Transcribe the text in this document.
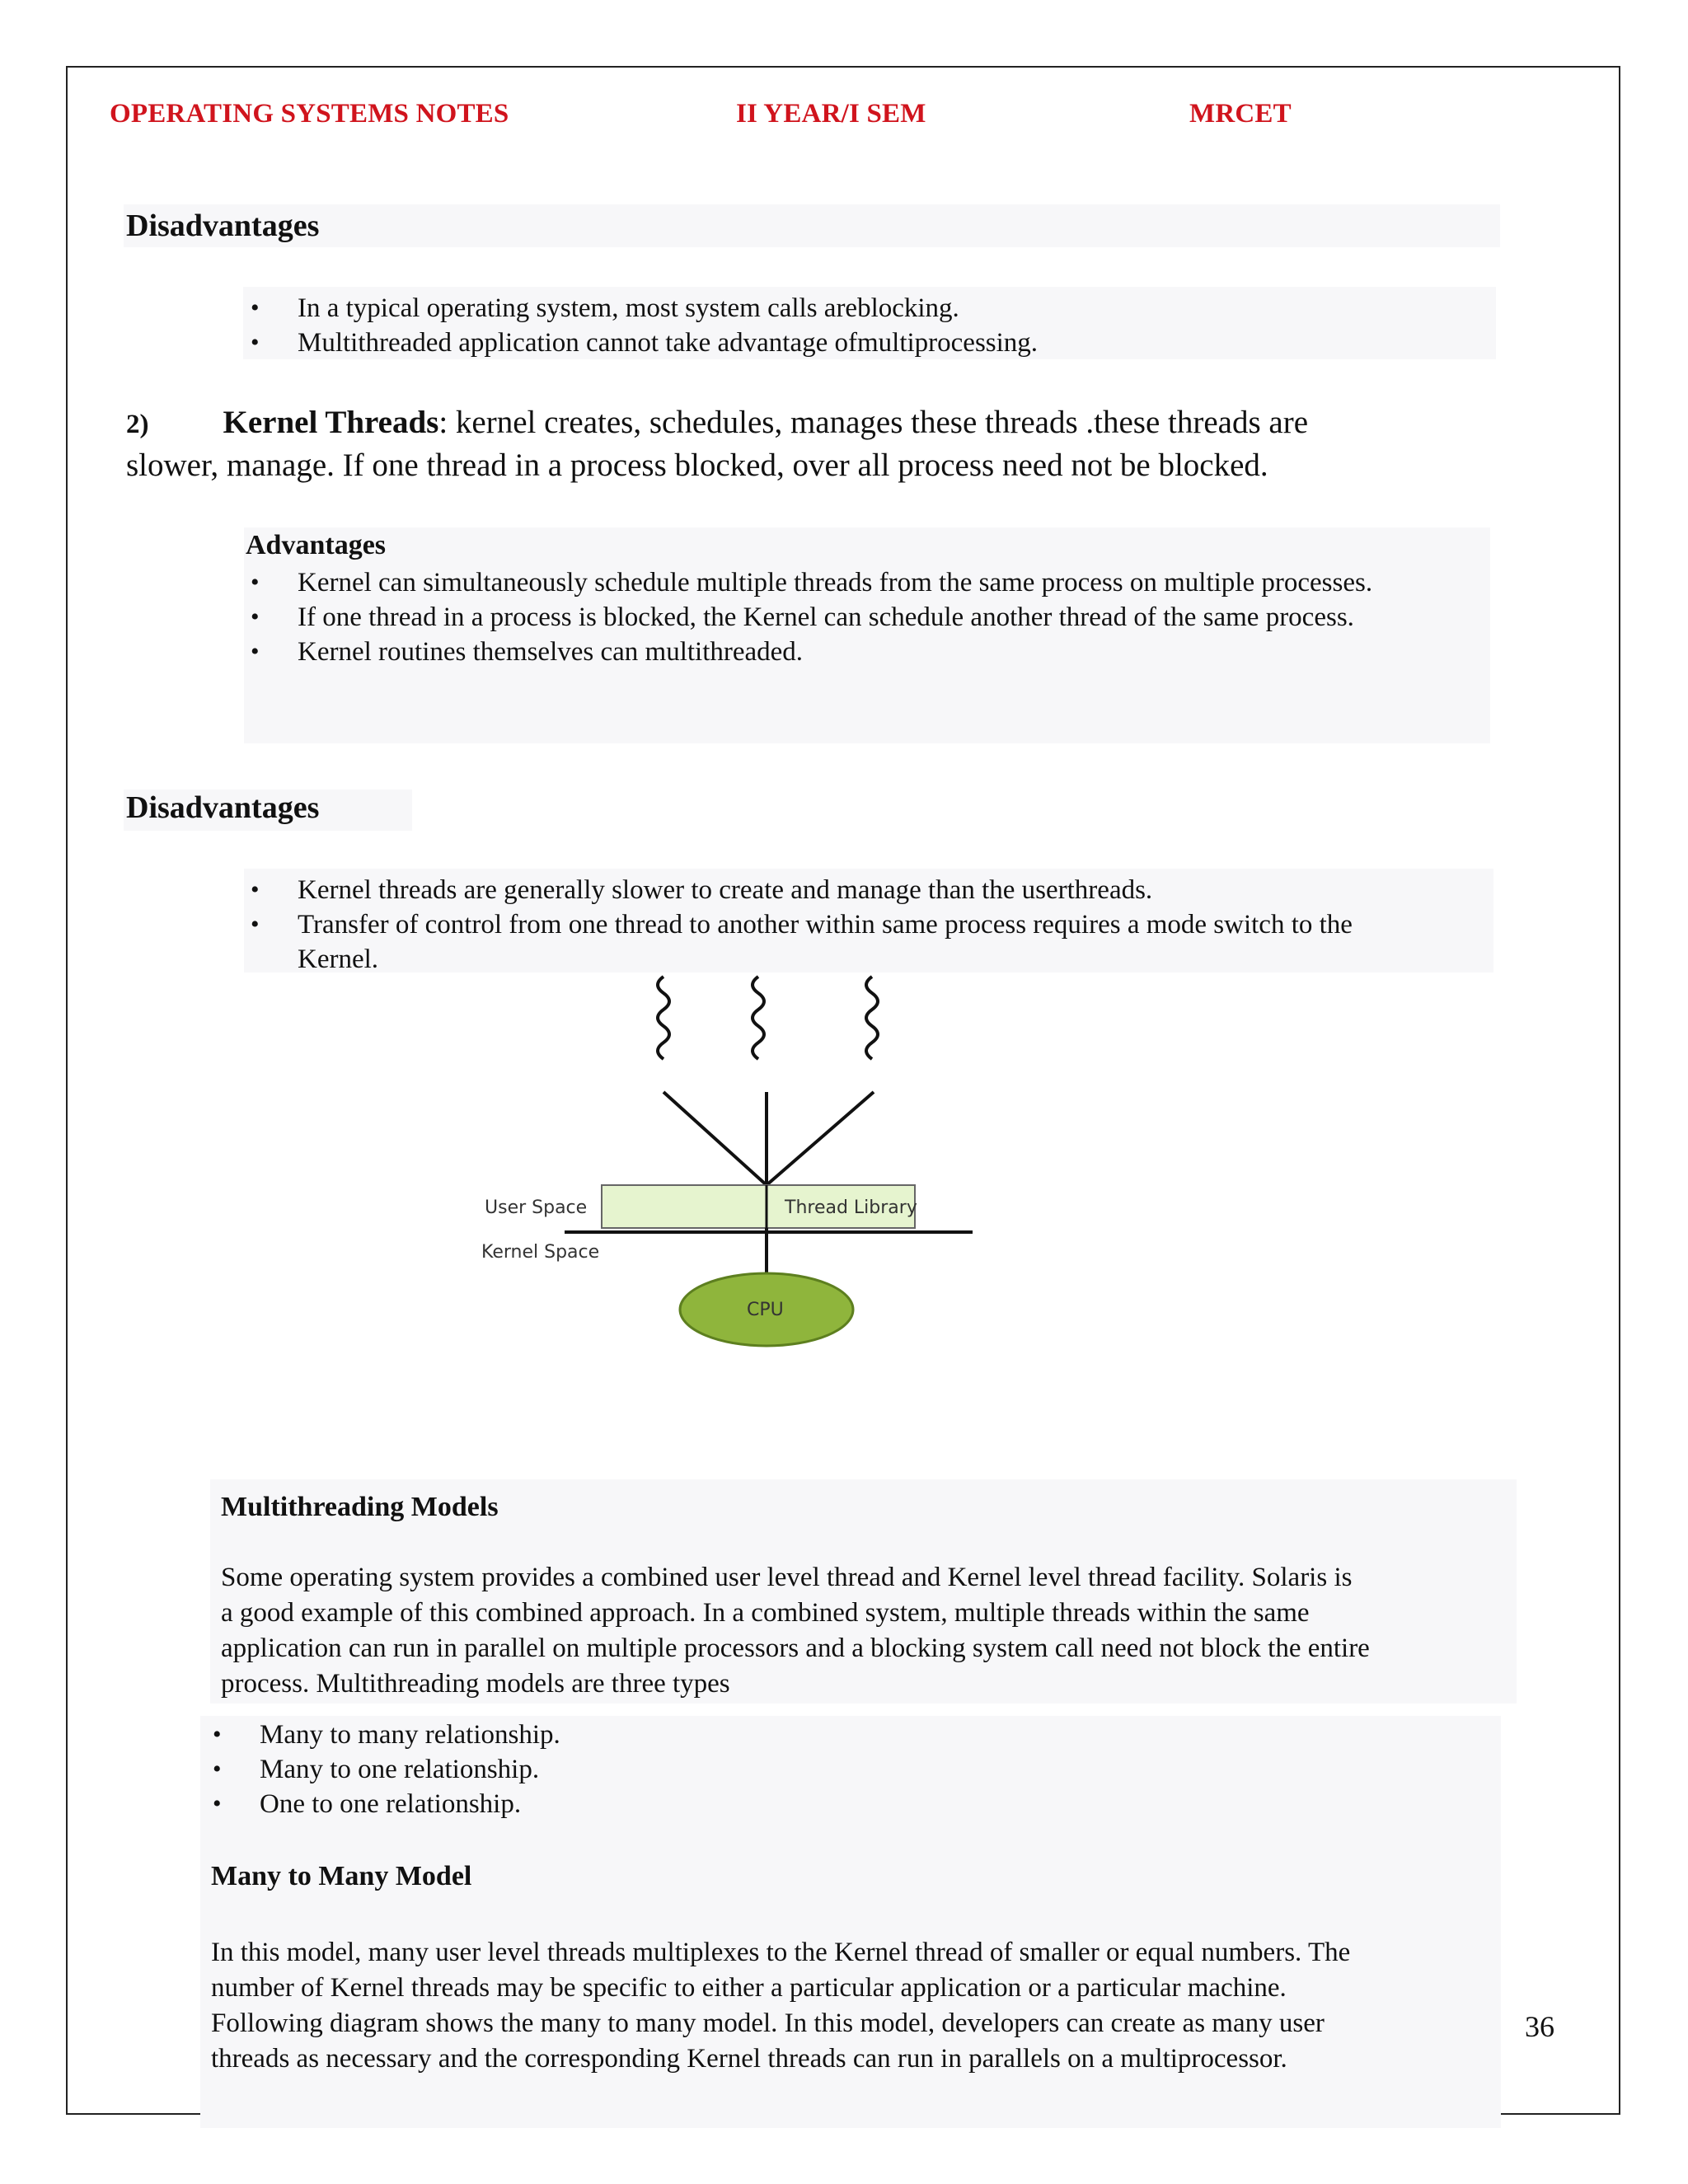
OPERATING SYSTEMS NOTES	II YEAR/I SEM	MRCET
Disadvantages
• In a typical operating system, most system calls areblocking.
• Multithreaded application cannot take advantage ofmultiprocessing.
2) Kernel Threads: kernel creates, schedules, manages these threads .these threads are
slower, manage. If one thread in a process blocked, over all process need not be blocked.
Advantages
• Kernel can simultaneously schedule multiple threads from the same process on multiple processes.
• If one thread in a process is blocked, the Kernel can schedule another thread of the same process.
• Kernel routines themselves can multithreaded.
Disadvantages
• Kernel threads are generally slower to create and manage than the userthreads.
• Transfer of control from one thread to another within same process requires a mode switch to the Kernel.
User Space	Thread Library
Kernel Space
CPU
Multithreading Models
Some operating system provides a combined user level thread and Kernel level thread facility. Solaris is
a good example of this combined approach. In a combined system, multiple threads within the same
application can run in parallel on multiple processors and a blocking system call need not block the entire
process. Multithreading models are three types
• Many to many relationship.
• Many to one relationship.
• One to one relationship.
Many to Many Model
In this model, many user level threads multiplexes to the Kernel thread of smaller or equal numbers. The
number of Kernel threads may be specific to either a particular application or a particular machine.
Following diagram shows the many to many model. In this model, developers can create as many user
threads as necessary and the corresponding Kernel threads can run in parallels on a multiprocessor.
36
